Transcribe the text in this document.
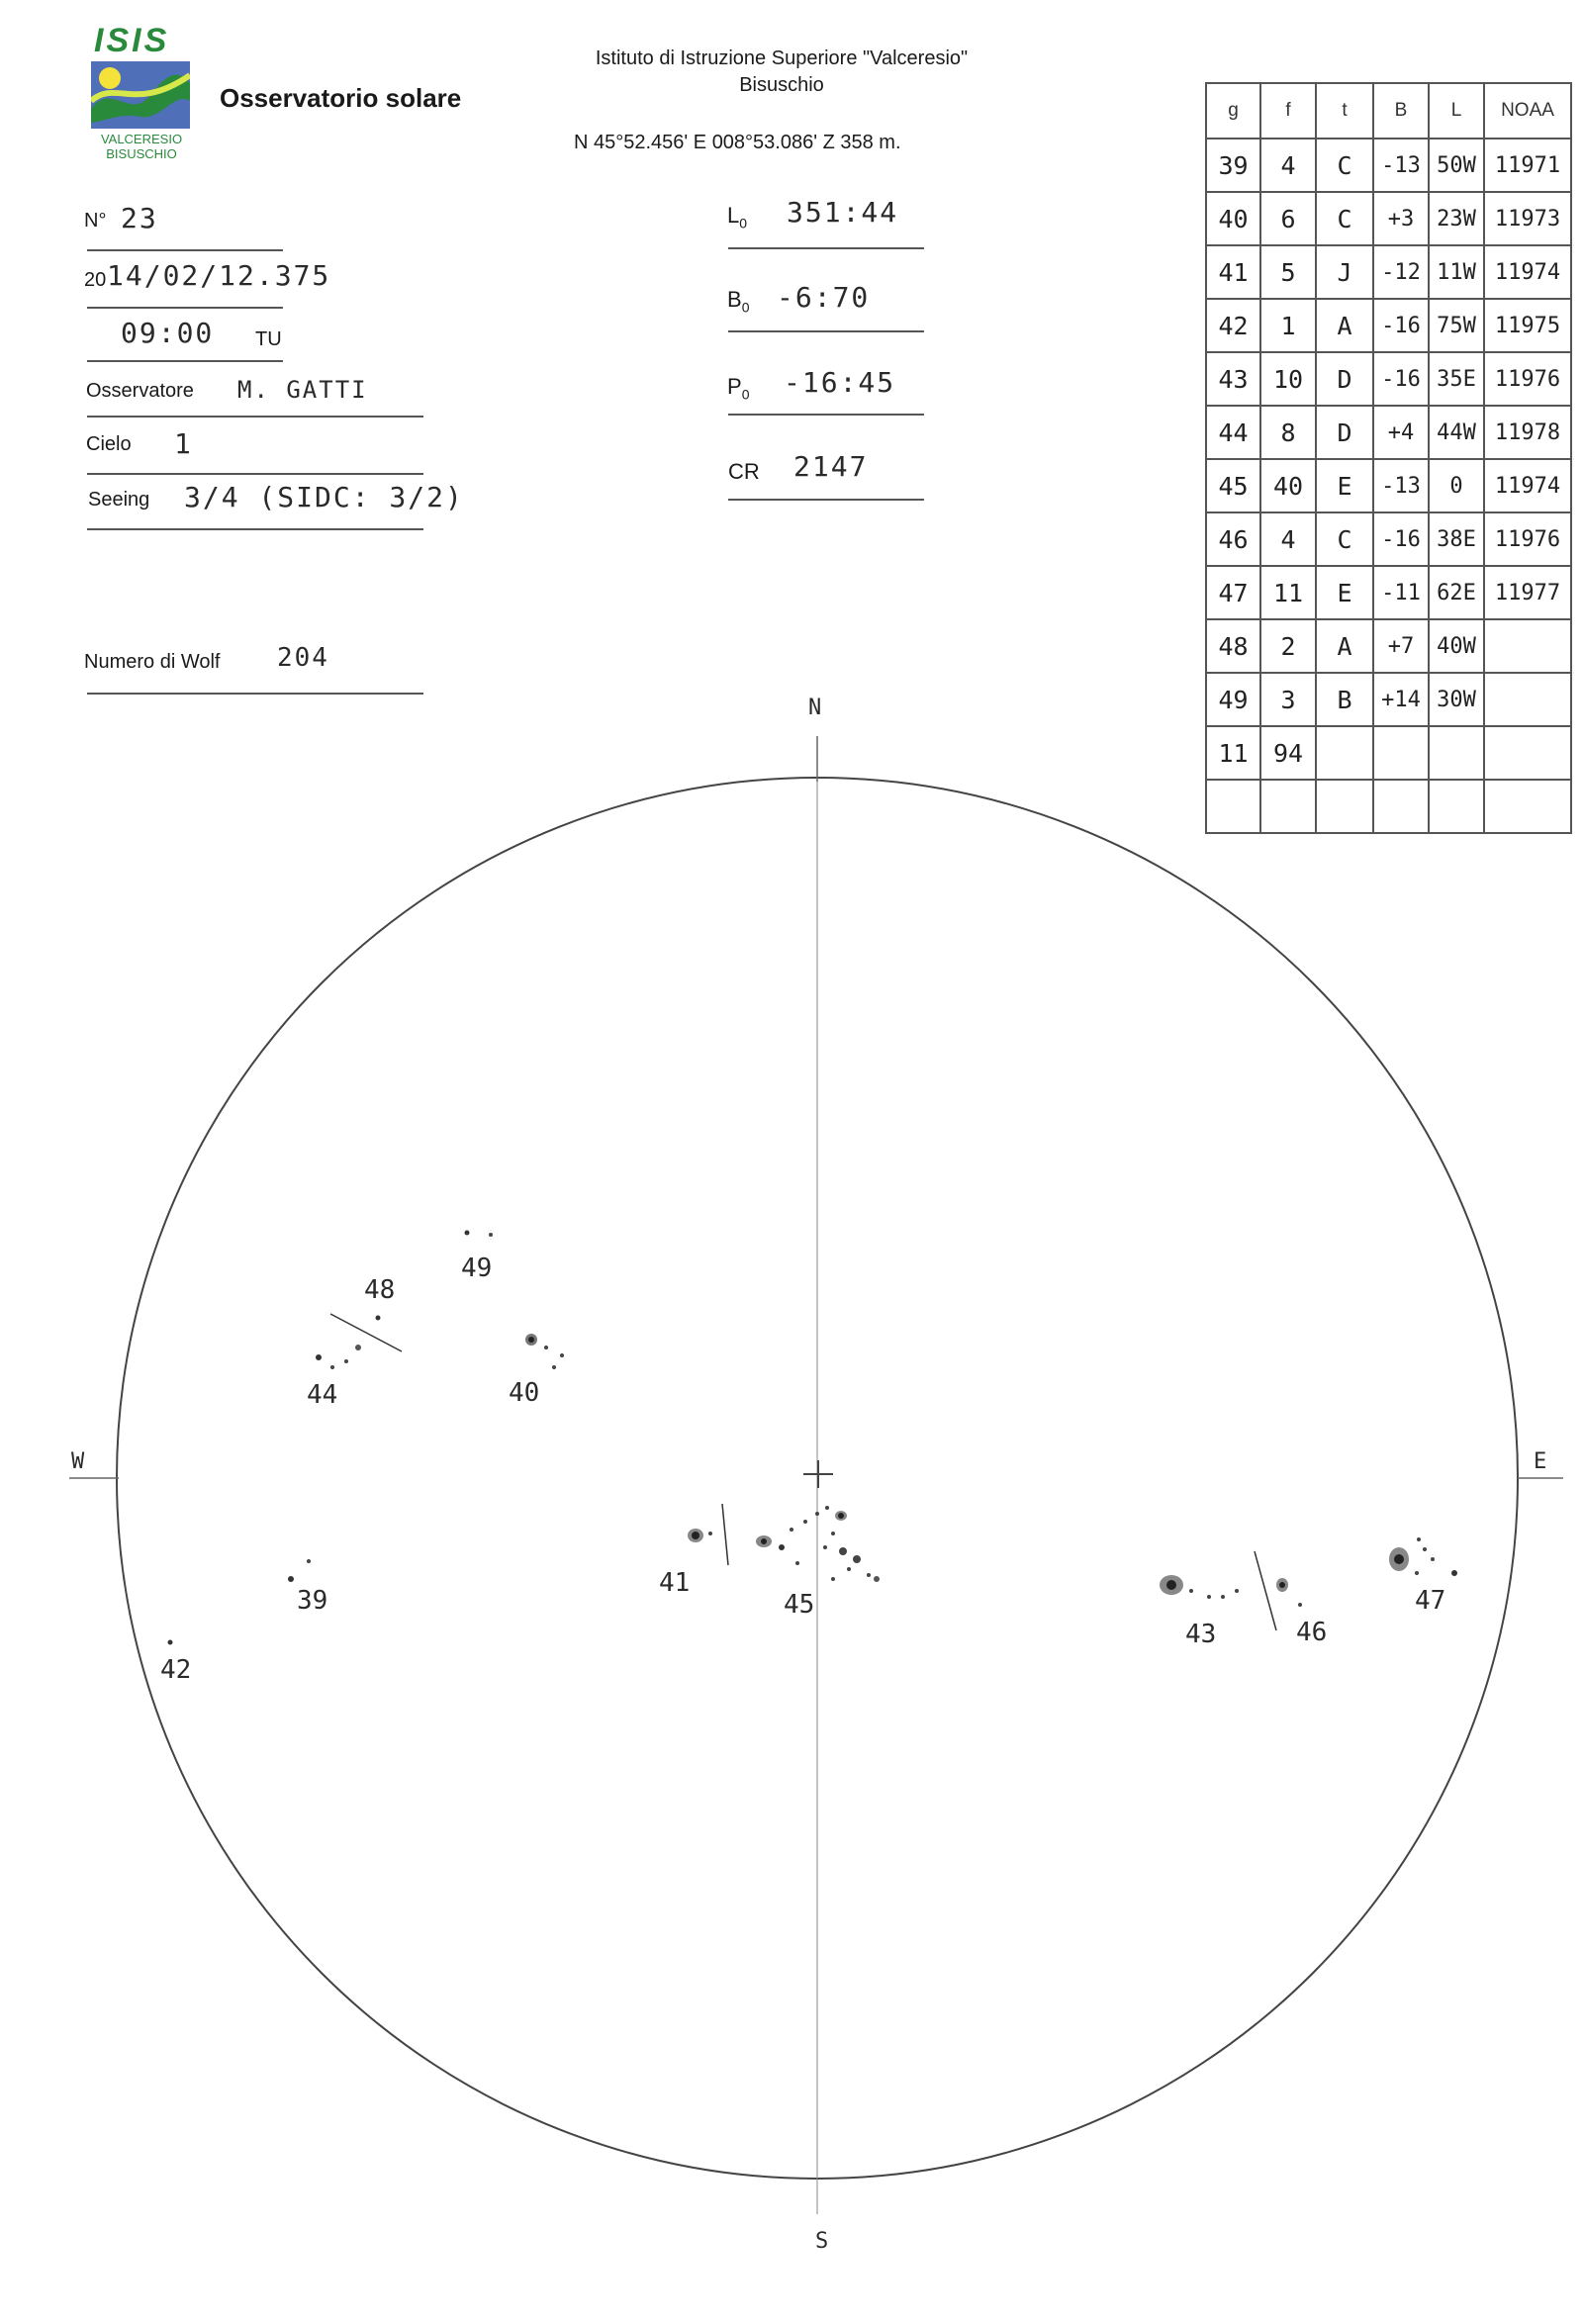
ISIS
VALCERESIO
BISUSCHIO
Osservatorio solare
Istituto di Istruzione Superiore "Valceresio"
Bisuschio
N 45°52.456' E 008°53.086' Z 358 m.
N° 23
20 14/02/12.375
09:00 TU
Osservatore M. GATTI
Cielo 1
Seeing 3/4 (SIDC: 3/2)
Numero di Wolf 204
$L_0$ 351:44
$B_0$ -6:70
$P_0$ -16:45
CR 2147
g	f	t	B	L	NOAA
39	4	C	-13	50W	11971
40	6	C	+3	23W	11973
41	5	J	-12	11W	11974
42	1	A	-16	75W	11975
43	10	D	-16	35E	11976
44	8	D	+4	44W	11978
45	40	E	-13	0	11974
46	4	C	-16	38E	11976
47	11	E	-11	62E	11977
48	2	A	+7	40W	
49	3	B	+14	30W	
11	94				

N
S
E
W
39
40
41
42
43
44
45
46
47
48
49
